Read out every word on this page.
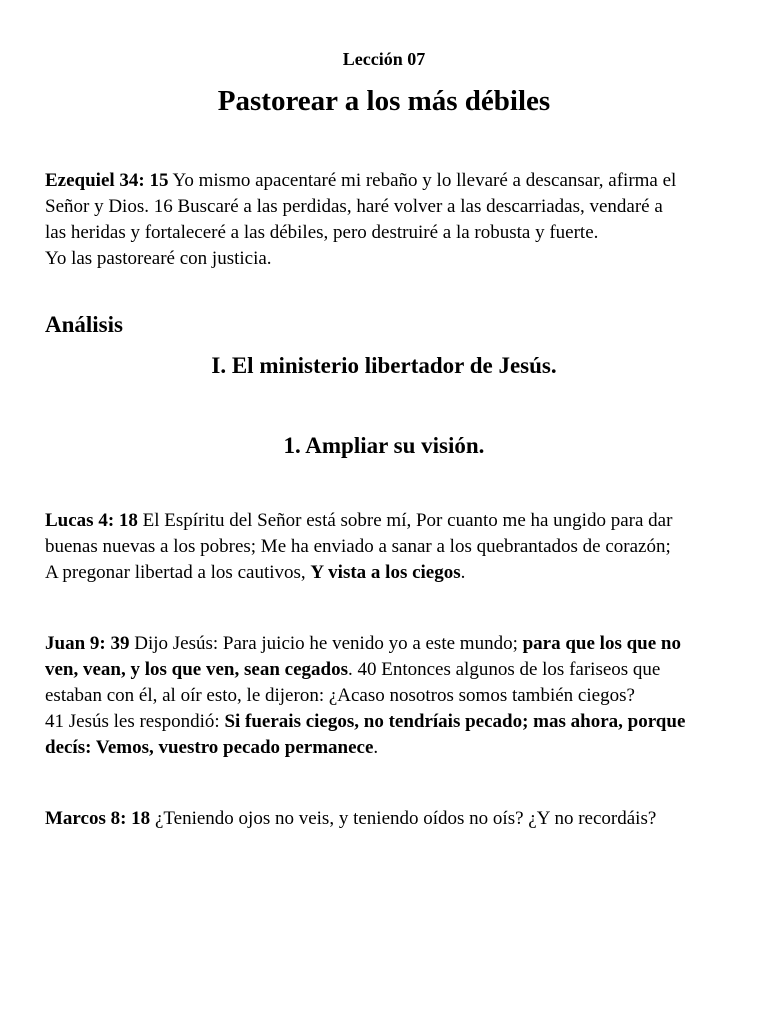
Lección 07
Pastorear a los más débiles
Ezequiel 34: 15 Yo mismo apacentaré mi rebaño y lo llevaré a descansar, afirma el
Señor y Dios. 16 Buscaré a las perdidas, haré volver a las descarriadas, vendaré a
las heridas y fortaleceré a las débiles, pero destruiré a la robusta y fuerte.
Yo las pastorearé con justicia.
Análisis
I. El ministerio libertador de Jesús.
1. Ampliar su visión.
Lucas 4: 18 El Espíritu del Señor está sobre mí, Por cuanto me ha ungido para dar
buenas nuevas a los pobres; Me ha enviado a sanar a los quebrantados de corazón;
A pregonar libertad a los cautivos, Y vista a los ciegos.
Juan 9: 39 Dijo Jesús: Para juicio he venido yo a este mundo; para que los que no
ven, vean, y los que ven, sean cegados. 40 Entonces algunos de los fariseos que
estaban con él, al oír esto, le dijeron: ¿Acaso nosotros somos también ciegos?
41 Jesús les respondió: Si fuerais ciegos, no tendríais pecado; mas ahora, porque
decís: Vemos, vuestro pecado permanece.
Marcos 8: 18 ¿Teniendo ojos no veis, y teniendo oídos no oís? ¿Y no recordáis?
